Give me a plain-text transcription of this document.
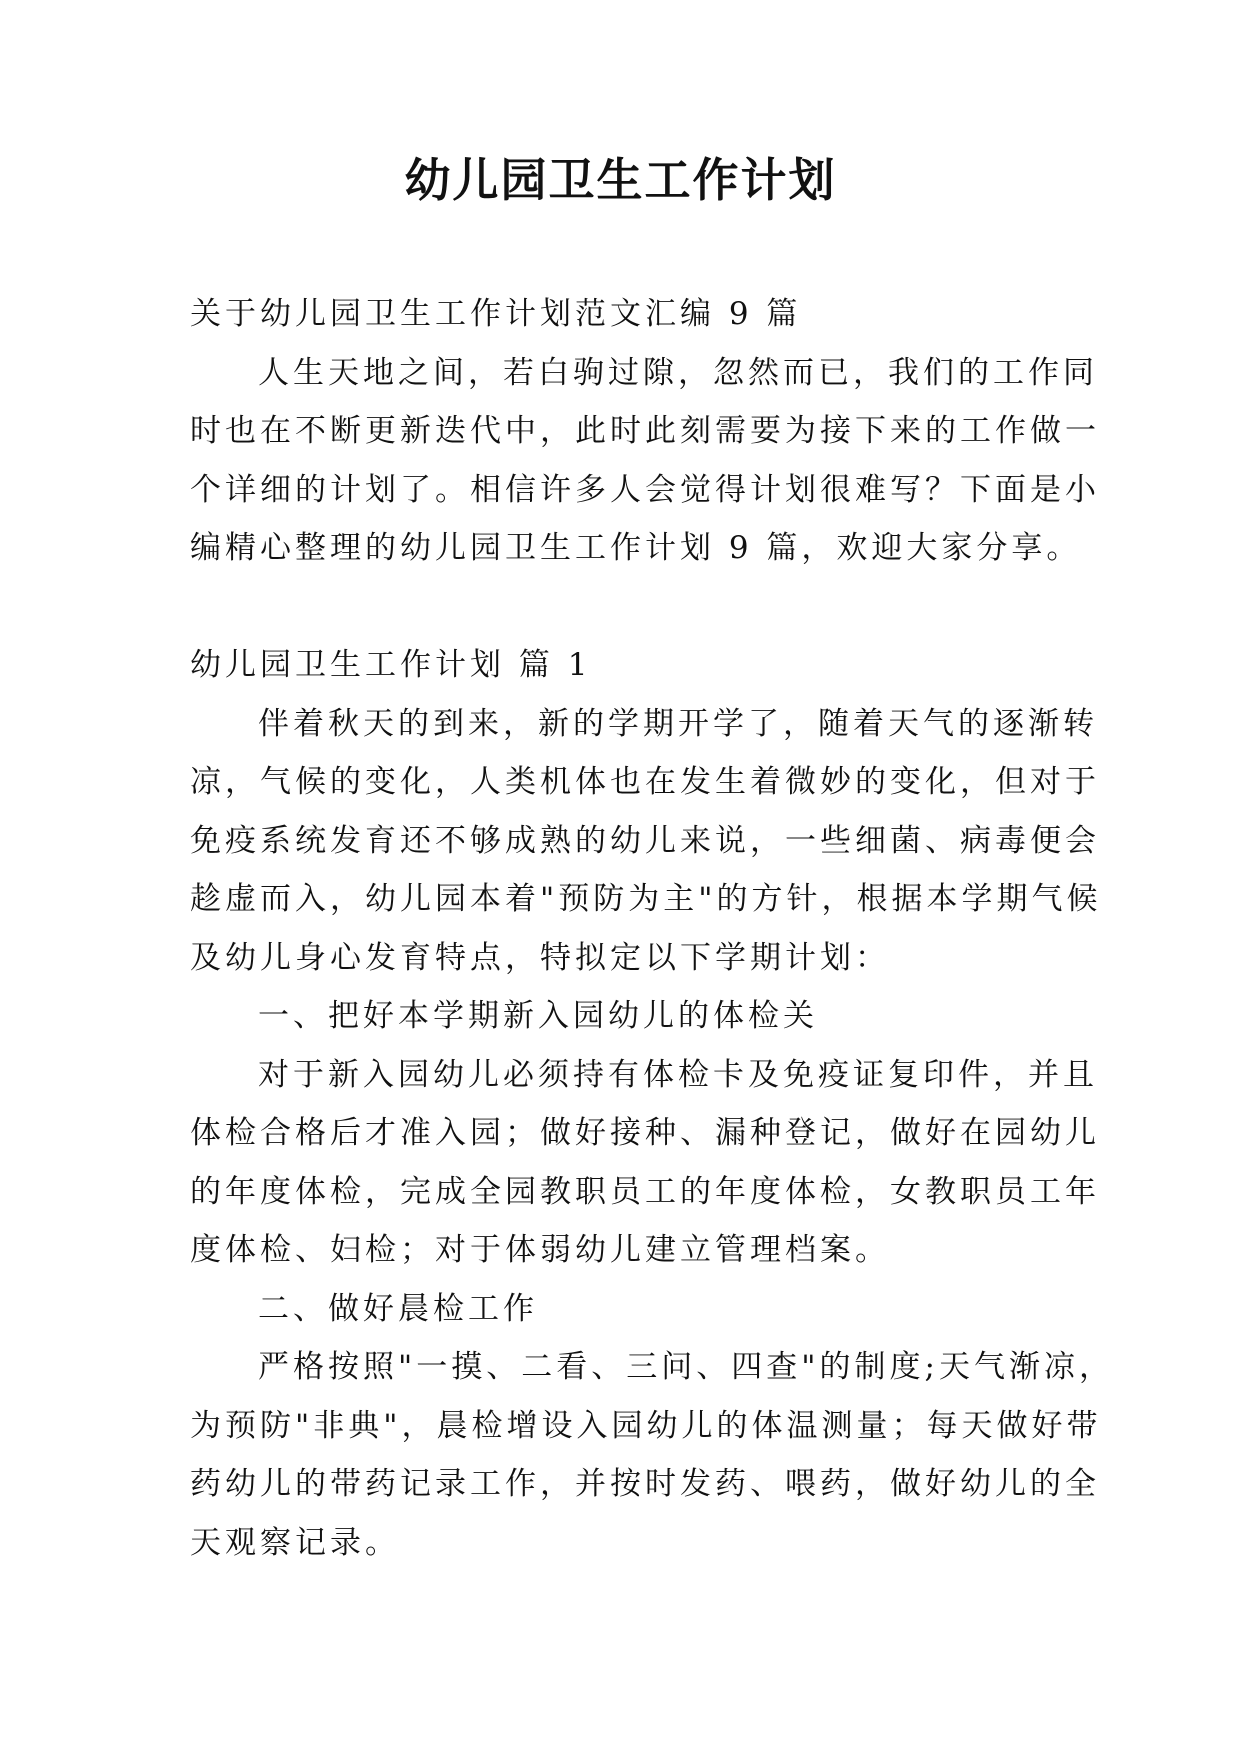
幼儿园卫生工作计划
关于幼儿园卫生工作计划范文汇编 9 篇
人生天地之间，若白驹过隙，忽然而已，我们的工作同
时也在不断更新迭代中，此时此刻需要为接下来的工作做一
个详细的计划了。相信许多人会觉得计划很难写？下面是小
编精心整理的幼儿园卫生工作计划 9 篇，欢迎大家分享。
幼儿园卫生工作计划 篇 1
伴着秋天的到来，新的学期开学了，随着天气的逐渐转
凉，气候的变化，人类机体也在发生着微妙的变化，但对于
免疫系统发育还不够成熟的幼儿来说，一些细菌、病毒便会
趁虚而入，幼儿园本着"预防为主"的方针，根据本学期气候
及幼儿身心发育特点，特拟定以下学期计划：
一、把好本学期新入园幼儿的体检关
对于新入园幼儿必须持有体检卡及免疫证复印件，并且
体检合格后才准入园；做好接种、漏种登记，做好在园幼儿
的年度体检，完成全园教职员工的年度体检，女教职员工年
度体检、妇检；对于体弱幼儿建立管理档案。
二、做好晨检工作
严格按照"一摸、二看、三问、四查"的制度;天气渐凉，
为预防"非典"，晨检增设入园幼儿的体温测量；每天做好带
药幼儿的带药记录工作，并按时发药、喂药，做好幼儿的全
天观察记录。
